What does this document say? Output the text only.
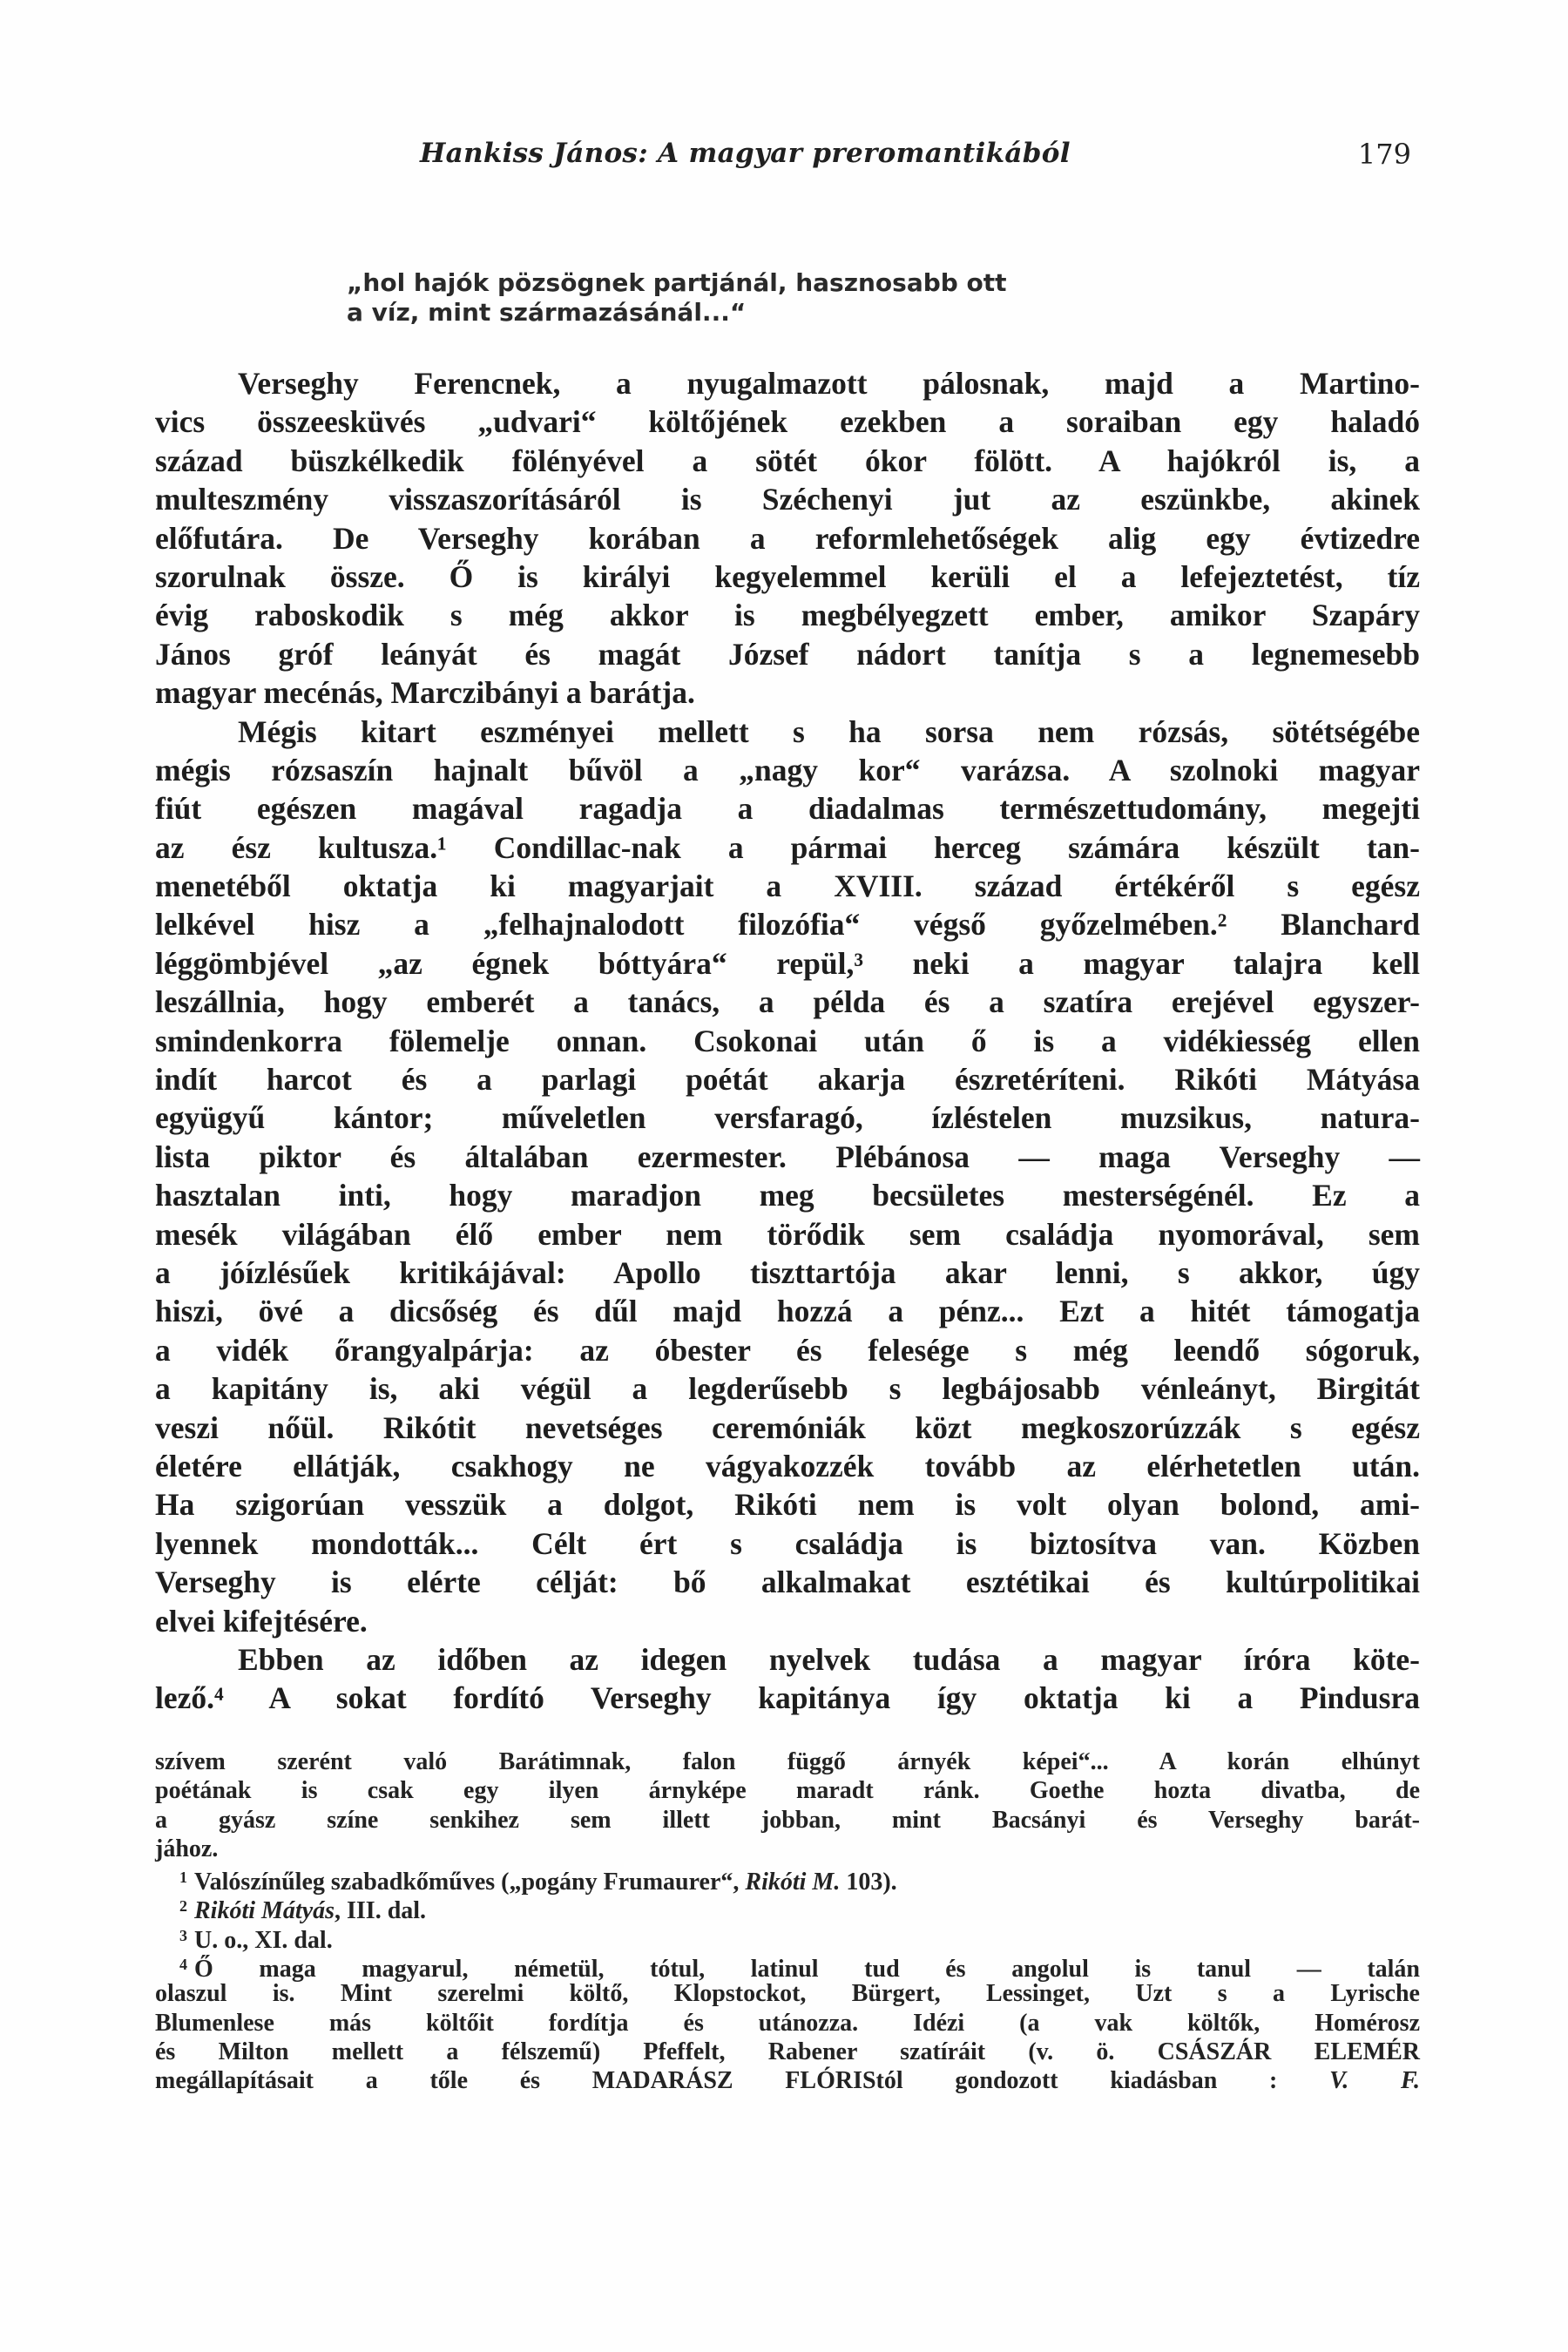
Hankiss János: A magyar preromantikából	179
„hol hajók pözsögnek partjánál, hasznosabb ott
a víz, mint származásánál...“
Verseghy Ferencnek, a nyugalmazott pálosnak, majd a Martino-
vics összeesküvés „udvari“ költőjének ezekben a soraiban egy haladó
század büszkélkedik fölényével a sötét ókor fölött. A hajókról is, a
multeszmény visszaszorításáról is Széchenyi jut az eszünkbe, akinek
előfutára. De Verseghy korában a reformlehetőségek alig egy évtizedre
szorulnak össze. Ő is királyi kegyelemmel kerüli el a lefejeztetést, tíz
évig raboskodik s még akkor is megbélyegzett ember, amikor Szapáry
János gróf leányát és magát József nádort tanítja s a legnemesebb
magyar mecénás, Marczibányi a barátja.
Mégis kitart eszményei mellett s ha sorsa nem rózsás, sötétségébe
mégis rózsaszín hajnalt bűvöl a „nagy kor“ varázsa. A szolnoki magyar
fiút egészen magával ragadja a diadalmas természettudomány, megejti
az ész kultusza.¹ Condillac-nak a pármai herceg számára készült tan-
menetéből oktatja ki magyarjait a XVIII. század értékéről s egész
lelkével hisz a „felhajnalodott filozófia“ végső győzelmében.² Blanchard
léggömbjével „az égnek bóttyára“ repül,³ neki a magyar talajra kell
leszállnia, hogy emberét a tanács, a példa és a szatíra erejével egyszer-
smindenkorra fölemelje onnan. Csokonai után ő is a vidékiesség ellen
indít harcot és a parlagi poétát akarja észretéríteni. Rikóti Mátyása
együgyű kántor; műveletlen versfaragó, ízléstelen muzsikus, natura-
lista piktor és általában ezermester. Plébánosa — maga Verseghy —
hasztalan inti, hogy maradjon meg becsületes mesterségénél. Ez a
mesék világában élő ember nem törődik sem családja nyomorával, sem
a jóízlésűek kritikájával: Apollo tiszttartója akar lenni, s akkor, úgy
hiszi, övé a dicsőség és dűl majd hozzá a pénz... Ezt a hitét támogatja
a vidék őrangyalpárja: az óbester és felesége s még leendő sógoruk,
a kapitány is, aki végül a legderűsebb s legbájosabb vénleányt, Birgitát
veszi nőül. Rikótit nevetséges ceremóniák közt megkoszorúzzák s egész
életére ellátják, csakhogy ne vágyakozzék tovább az elérhetetlen után.
Ha szigorúan vesszük a dolgot, Rikóti nem is volt olyan bolond, ami-
lyennek mondották... Célt ért s családja is biztosítva van. Közben
Verseghy is elérte célját: bő alkalmakat esztétikai és kultúrpolitikai
elvei kifejtésére.
Ebben az időben az idegen nyelvek tudása a magyar íróra köte-
lező.⁴ A sokat fordító Verseghy kapitánya így oktatja ki a Pindusra
szívem szerént való Barátimnak, falon függő árnyék képei“... A korán elhúnyt
poétának is csak egy ilyen árnyképe maradt ránk. Goethe hozta divatba, de
a gyász színe senkihez sem illett jobban, mint Bacsányi és Verseghy barát-
jához.
$^1$ Valószínűleg szabadkőműves („pogány Frumaurer“, Rikóti M. 103).
$^2$ Rikóti Mátyás, III. dal.
$^3$ U. o., XI. dal.
$^4$ Ő maga magyarul, németül, tótul, latinul tud és angolul is tanul — talán
olaszul is. Mint szerelmi költő, Klopstockot, Bürgert, Lessinget, Uzt s a Lyrische
Blumenlese más költőit fordítja és utánozza. Idézi (a vak költők, Homérosz
és Milton mellett a félszemű) Pfeffelt, Rabener szatíráit (v. ö. CSÁSZÁR ELEMÉR
megállapításait a tőle és MADARÁSZ FLÓRIStól gondozott kiadásban : V. F.
